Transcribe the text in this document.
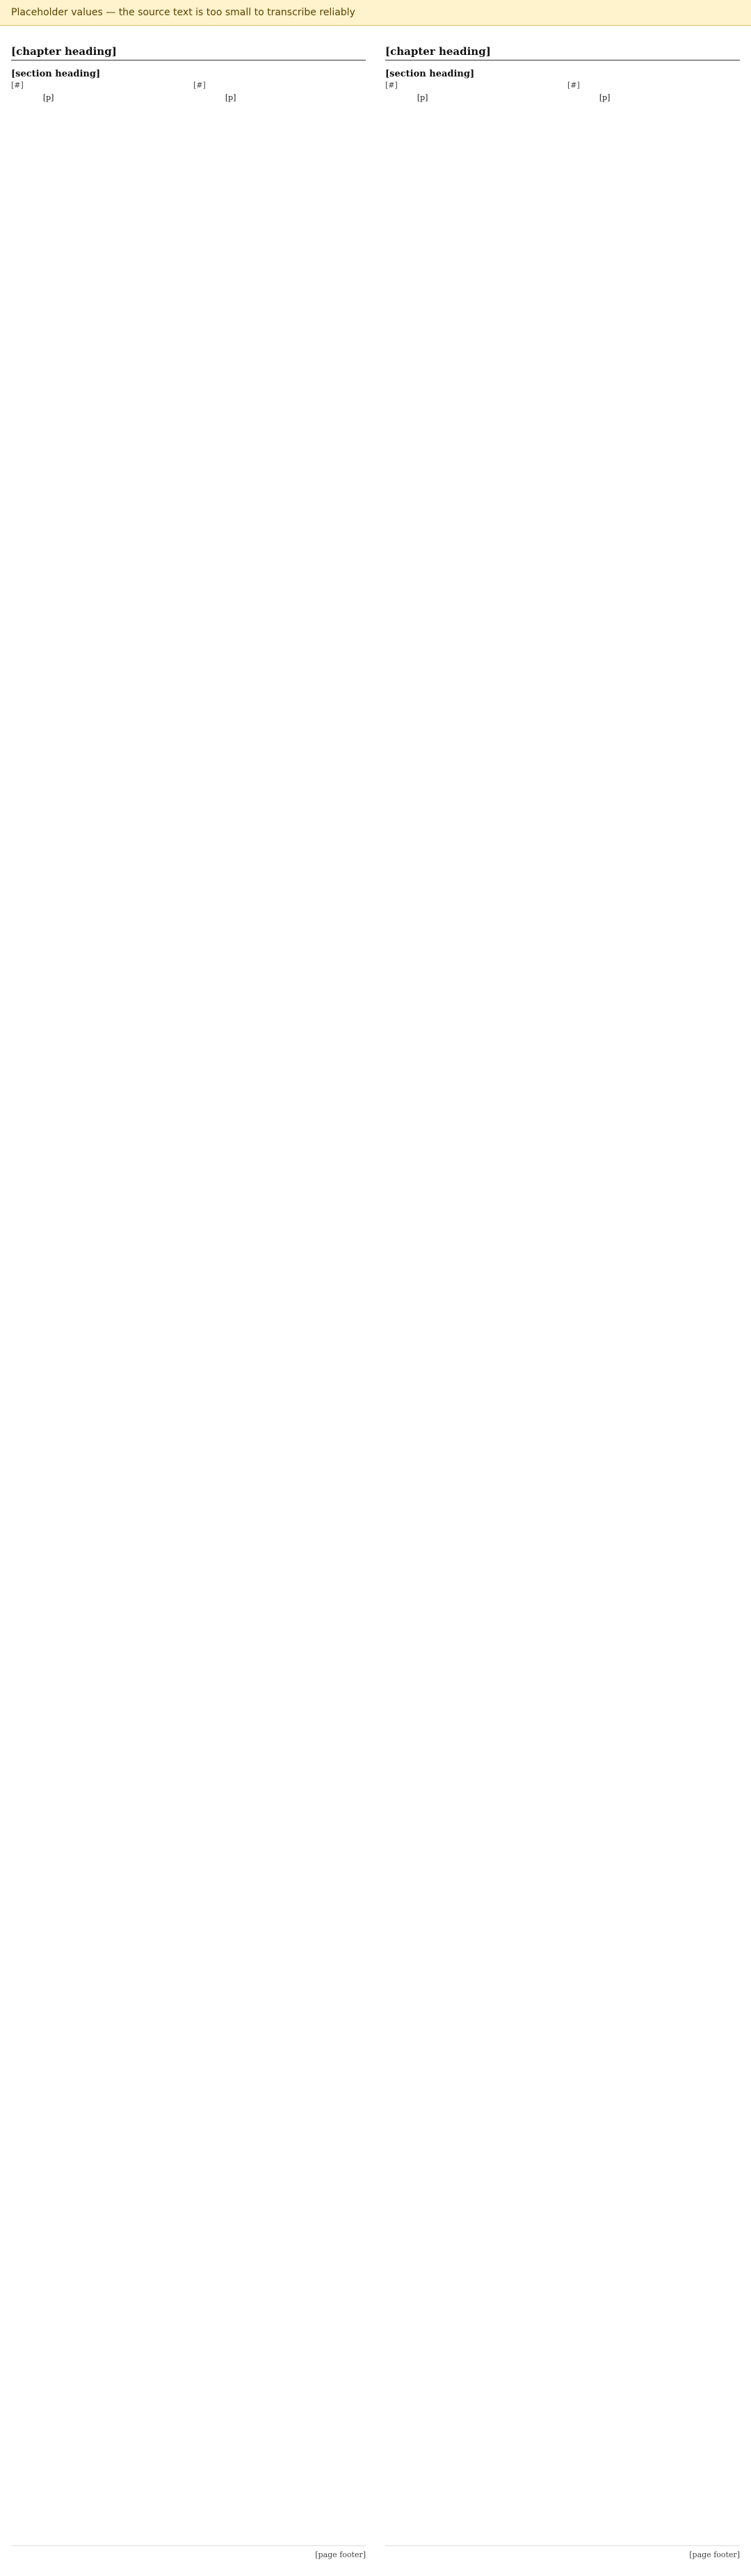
Placeholder values — the source text is too small to transcribe reliably
[chapter heading]
[section heading]
[#]
[p]
[#]
[p]
[page footer]
[chapter heading]
[section heading]
[#]
[p]
[#]
[p]
[page footer]
